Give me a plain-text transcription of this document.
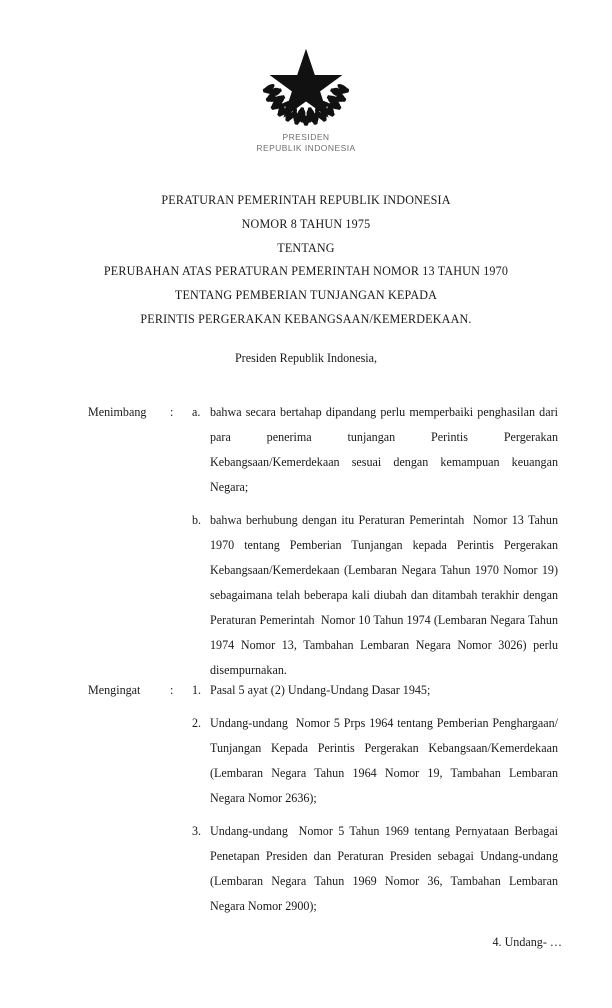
PRESIDEN
REPUBLIK INDONESIA
PERATURAN PEMERINTAH REPUBLIK INDONESIA
NOMOR 8 TAHUN 1975
TENTANG
PERUBAHAN ATAS PERATURAN PEMERINTAH NOMOR 13 TAHUN 1970
TENTANG PEMBERIAN TUNJANGAN KEPADA
PERINTIS PERGERAKAN KEBANGSAAN/KEMERDEKAAN.
Presiden Republik Indonesia,
Menimbang	:	a. bahwa secara bertahap dipandang perlu memperbaiki penghasilan dari para penerima tunjangan Perintis Pergerakan Kebangsaan/Kemerdekaan sesuai dengan kemampuan keuangan Negara;
b. bahwa berhubung dengan itu Peraturan Pemerintah  Nomor 13 Tahun 1970 tentang Pemberian Tunjangan kepada Perintis Pergerakan Kebangsaan/Kemerdekaan (Lembaran Negara Tahun 1970 Nomor 19) sebagaimana telah beberapa kali diubah dan ditambah terakhir dengan Peraturan Pemerintah  Nomor 10 Tahun 1974 (Lembaran Negara Tahun 1974 Nomor 13, Tambahan Lembaran Negara Nomor 3026) perlu disempurnakan.
Mengingat	:	1. Pasal 5 ayat (2) Undang-Undang Dasar 1945;
2. Undang-undang  Nomor 5 Prps 1964 tentang Pemberian Penghargaan/ Tunjangan Kepada Perintis Pergerakan Kebangsaan/Kemerdekaan (Lembaran Negara Tahun 1964 Nomor 19, Tambahan Lembaran Negara Nomor 2636);
3. Undang-undang  Nomor 5 Tahun 1969 tentang Pernyataan Berbagai Penetapan Presiden dan Peraturan Presiden sebagai Undang-undang (Lembaran Negara Tahun 1969 Nomor 36, Tambahan Lembaran Negara Nomor 2900);
4. Undang- …
